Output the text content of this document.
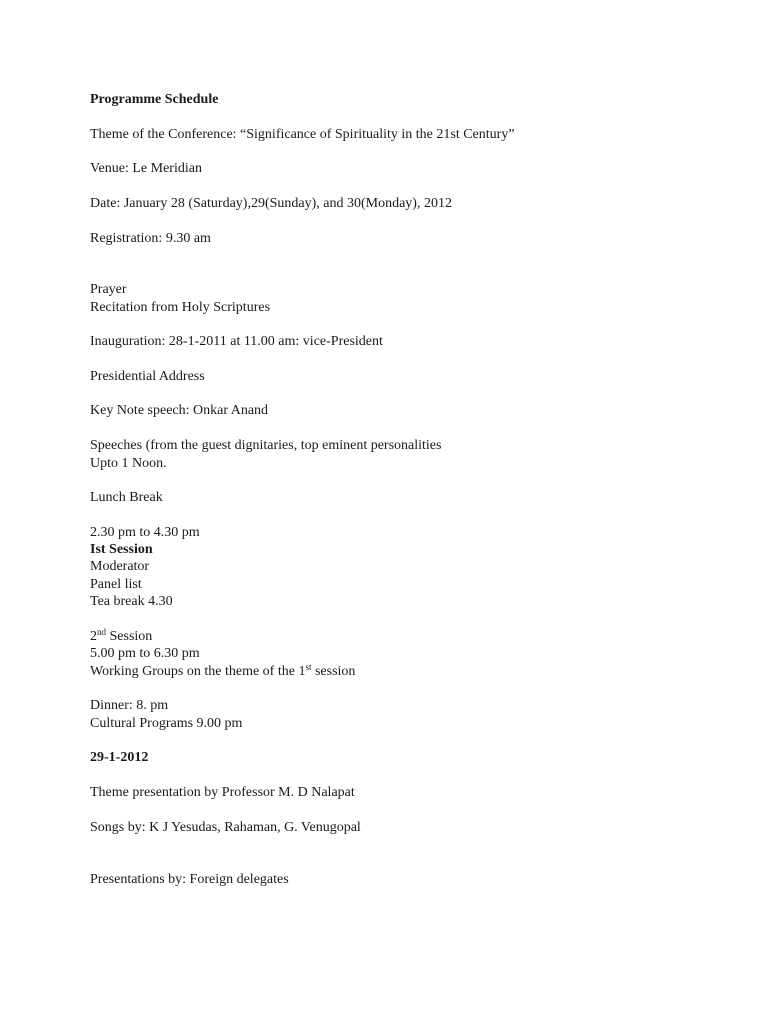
Programme Schedule
Theme of the Conference: “Significance of Spirituality in the 21st Century”
Venue: Le Meridian
Date: January 28 (Saturday),29(Sunday), and 30(Monday), 2012
Registration: 9.30 am
Prayer
Recitation from Holy Scriptures
Inauguration: 28-1-2011 at 11.00 am: vice-President
Presidential Address
Key Note speech: Onkar Anand
Speeches (from the guest dignitaries, top eminent personalities
Upto 1 Noon.
Lunch Break
2.30 pm to 4.30 pm
Ist Session
Moderator
Panel list
Tea break 4.30
2nd Session
5.00 pm to 6.30 pm
Working Groups on the theme of the 1st session
Dinner: 8. pm
Cultural Programs 9.00 pm
29-1-2012
Theme presentation by Professor M. D Nalapat
Songs by: K J Yesudas, Rahaman, G. Venugopal
Presentations by: Foreign delegates
